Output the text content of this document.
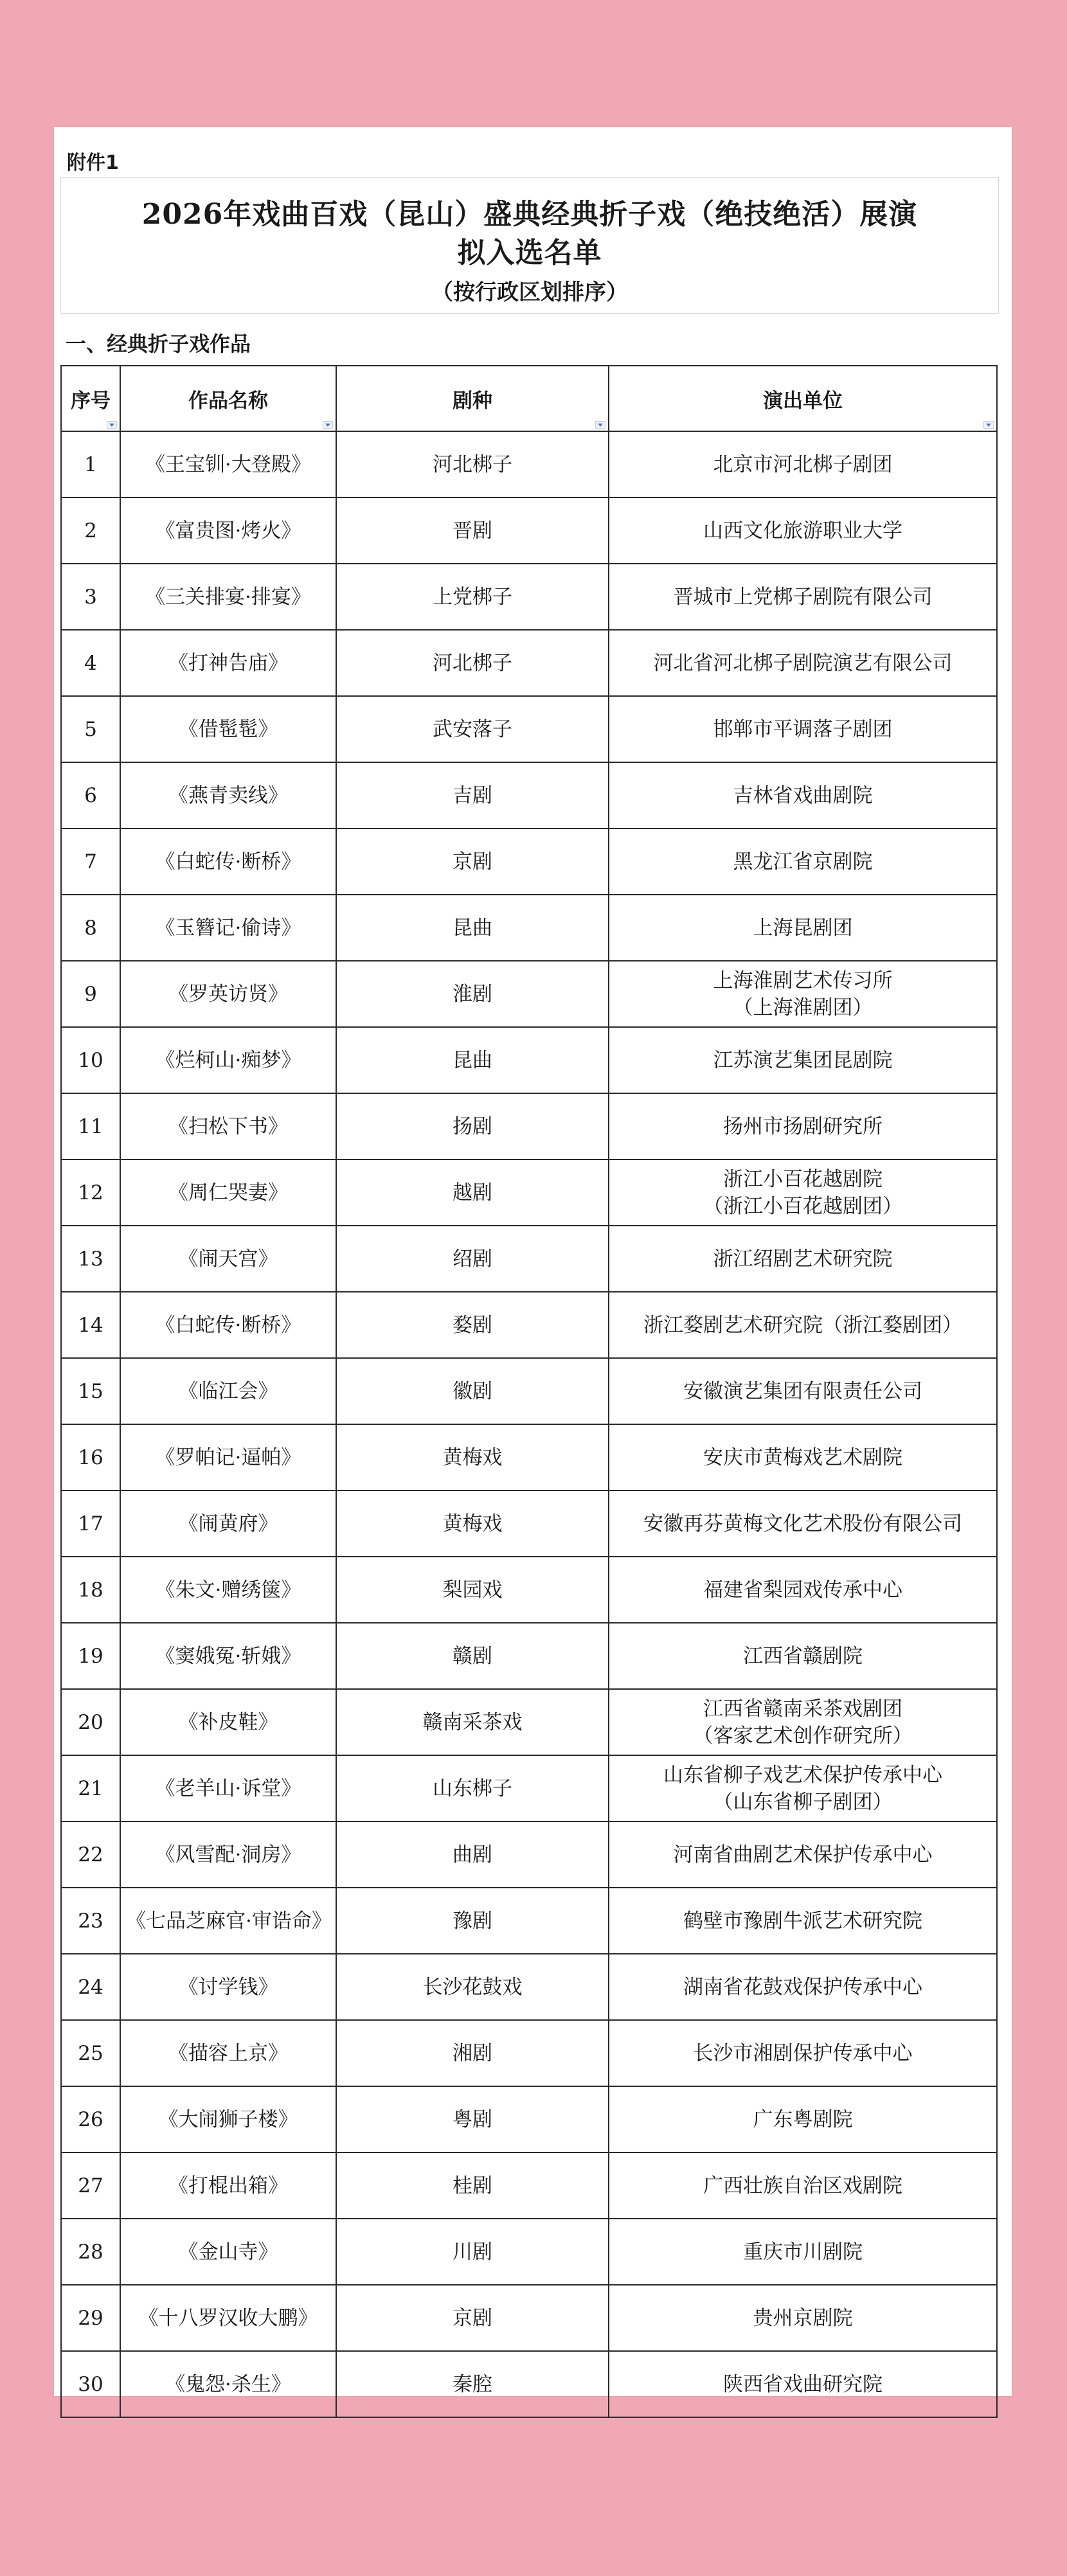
附件1
2026年戏曲百戏（昆山）盛典经典折子戏（绝技绝活）展演
拟入选名单
（按行政区划排序）
一、经典折子戏作品
序号	作品名称	剧种	演出单位

1	《王宝钏·大登殿》	河北梆子	北京市河北梆子剧团
2	《富贵图·烤火》	晋剧	山西文化旅游职业大学
3	《三关排宴·排宴》	上党梆子	晋城市上党梆子剧院有限公司
4	《打神告庙》	河北梆子	河北省河北梆子剧院演艺有限公司
5	《借髢髢》	武安落子	邯郸市平调落子剧团
6	《燕青卖线》	吉剧	吉林省戏曲剧院
7	《白蛇传·断桥》	京剧	黑龙江省京剧院
8	《玉簪记·偷诗》	昆曲	上海昆剧团
9	《罗英访贤》	淮剧	上海淮剧艺术传习所
（上海淮剧团）
10	《烂柯山·痴梦》	昆曲	江苏演艺集团昆剧院
11	《扫松下书》	扬剧	扬州市扬剧研究所
12	《周仁哭妻》	越剧	浙江小百花越剧院
（浙江小百花越剧团）
13	《闹天宫》	绍剧	浙江绍剧艺术研究院
14	《白蛇传·断桥》	婺剧	浙江婺剧艺术研究院（浙江婺剧团）
15	《临江会》	徽剧	安徽演艺集团有限责任公司
16	《罗帕记·逼帕》	黄梅戏	安庆市黄梅戏艺术剧院
17	《闹黄府》	黄梅戏	安徽再芬黄梅文化艺术股份有限公司
18	《朱文·赠绣箧》	梨园戏	福建省梨园戏传承中心
19	《窦娥冤·斩娥》	赣剧	江西省赣剧院
20	《补皮鞋》	赣南采茶戏	江西省赣南采茶戏剧团
（客家艺术创作研究所）
21	《老羊山·诉堂》	山东梆子	山东省柳子戏艺术保护传承中心
（山东省柳子剧团）
22	《风雪配·洞房》	曲剧	河南省曲剧艺术保护传承中心
23	《七品芝麻官·审诰命》	豫剧	鹤壁市豫剧牛派艺术研究院
24	《讨学钱》	长沙花鼓戏	湖南省花鼓戏保护传承中心
25	《描容上京》	湘剧	长沙市湘剧保护传承中心
26	《大闹狮子楼》	粤剧	广东粤剧院
27	《打棍出箱》	桂剧	广西壮族自治区戏剧院
28	《金山寺》	川剧	重庆市川剧院
29	《十八罗汉收大鹏》	京剧	贵州京剧院
30	《鬼怨·杀生》	秦腔	陕西省戏曲研究院
